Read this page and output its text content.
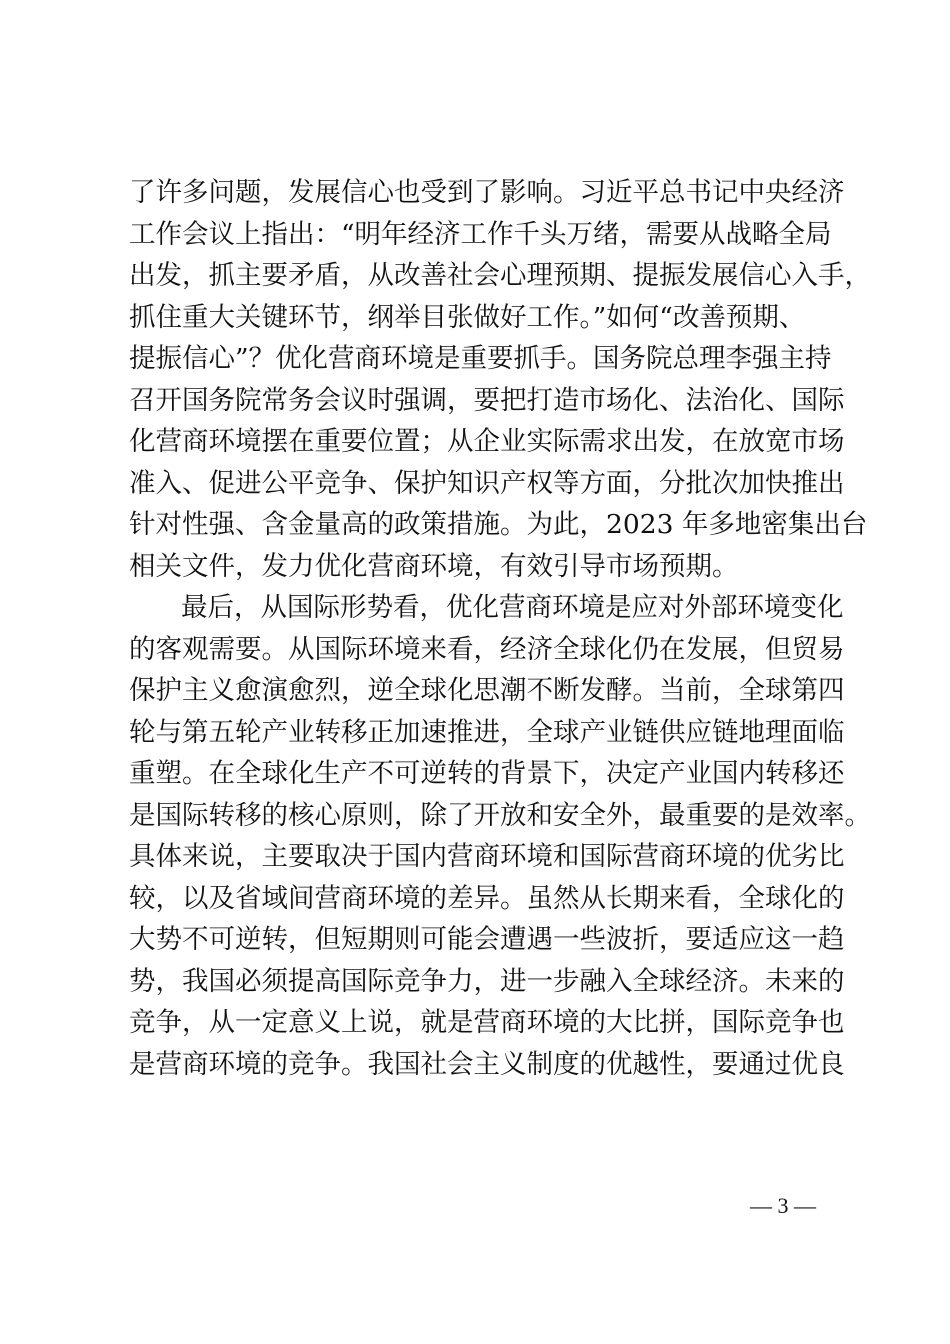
了许多问题，发展信心也受到了影响。习近平总书记中央经济
工作会议上指出：“明年经济工作千头万绪，需要从战略全局
出发，抓主要矛盾，从改善社会心理预期、提振发展信心入手，
抓住重大关键环节，纲举目张做好工作。”如何“改善预期、
提振信心”？优化营商环境是重要抓手。国务院总理李强主持
召开国务院常务会议时强调，要把打造市场化、法治化、国际
化营商环境摆在重要位置；从企业实际需求出发，在放宽市场
准入、促进公平竞争、保护知识产权等方面，分批次加快推出
针对性强、含金量高的政策措施。为此，2023 年多地密集出台
相关文件，发力优化营商环境，有效引导市场预期。
最后，从国际形势看，优化营商环境是应对外部环境变化
的客观需要。从国际环境来看，经济全球化仍在发展，但贸易
保护主义愈演愈烈，逆全球化思潮不断发酵。当前，全球第四
轮与第五轮产业转移正加速推进，全球产业链供应链地理面临
重塑。在全球化生产不可逆转的背景下，决定产业国内转移还
是国际转移的核心原则，除了开放和安全外，最重要的是效率。
具体来说，主要取决于国内营商环境和国际营商环境的优劣比
较，以及省域间营商环境的差异。虽然从长期来看，全球化的
大势不可逆转，但短期则可能会遭遇一些波折，要适应这一趋
势，我国必须提高国际竞争力，进一步融入全球经济。未来的
竞争，从一定意义上说，就是营商环境的大比拼，国际竞争也
是营商环境的竞争。我国社会主义制度的优越性，要通过优良
— 3 —
